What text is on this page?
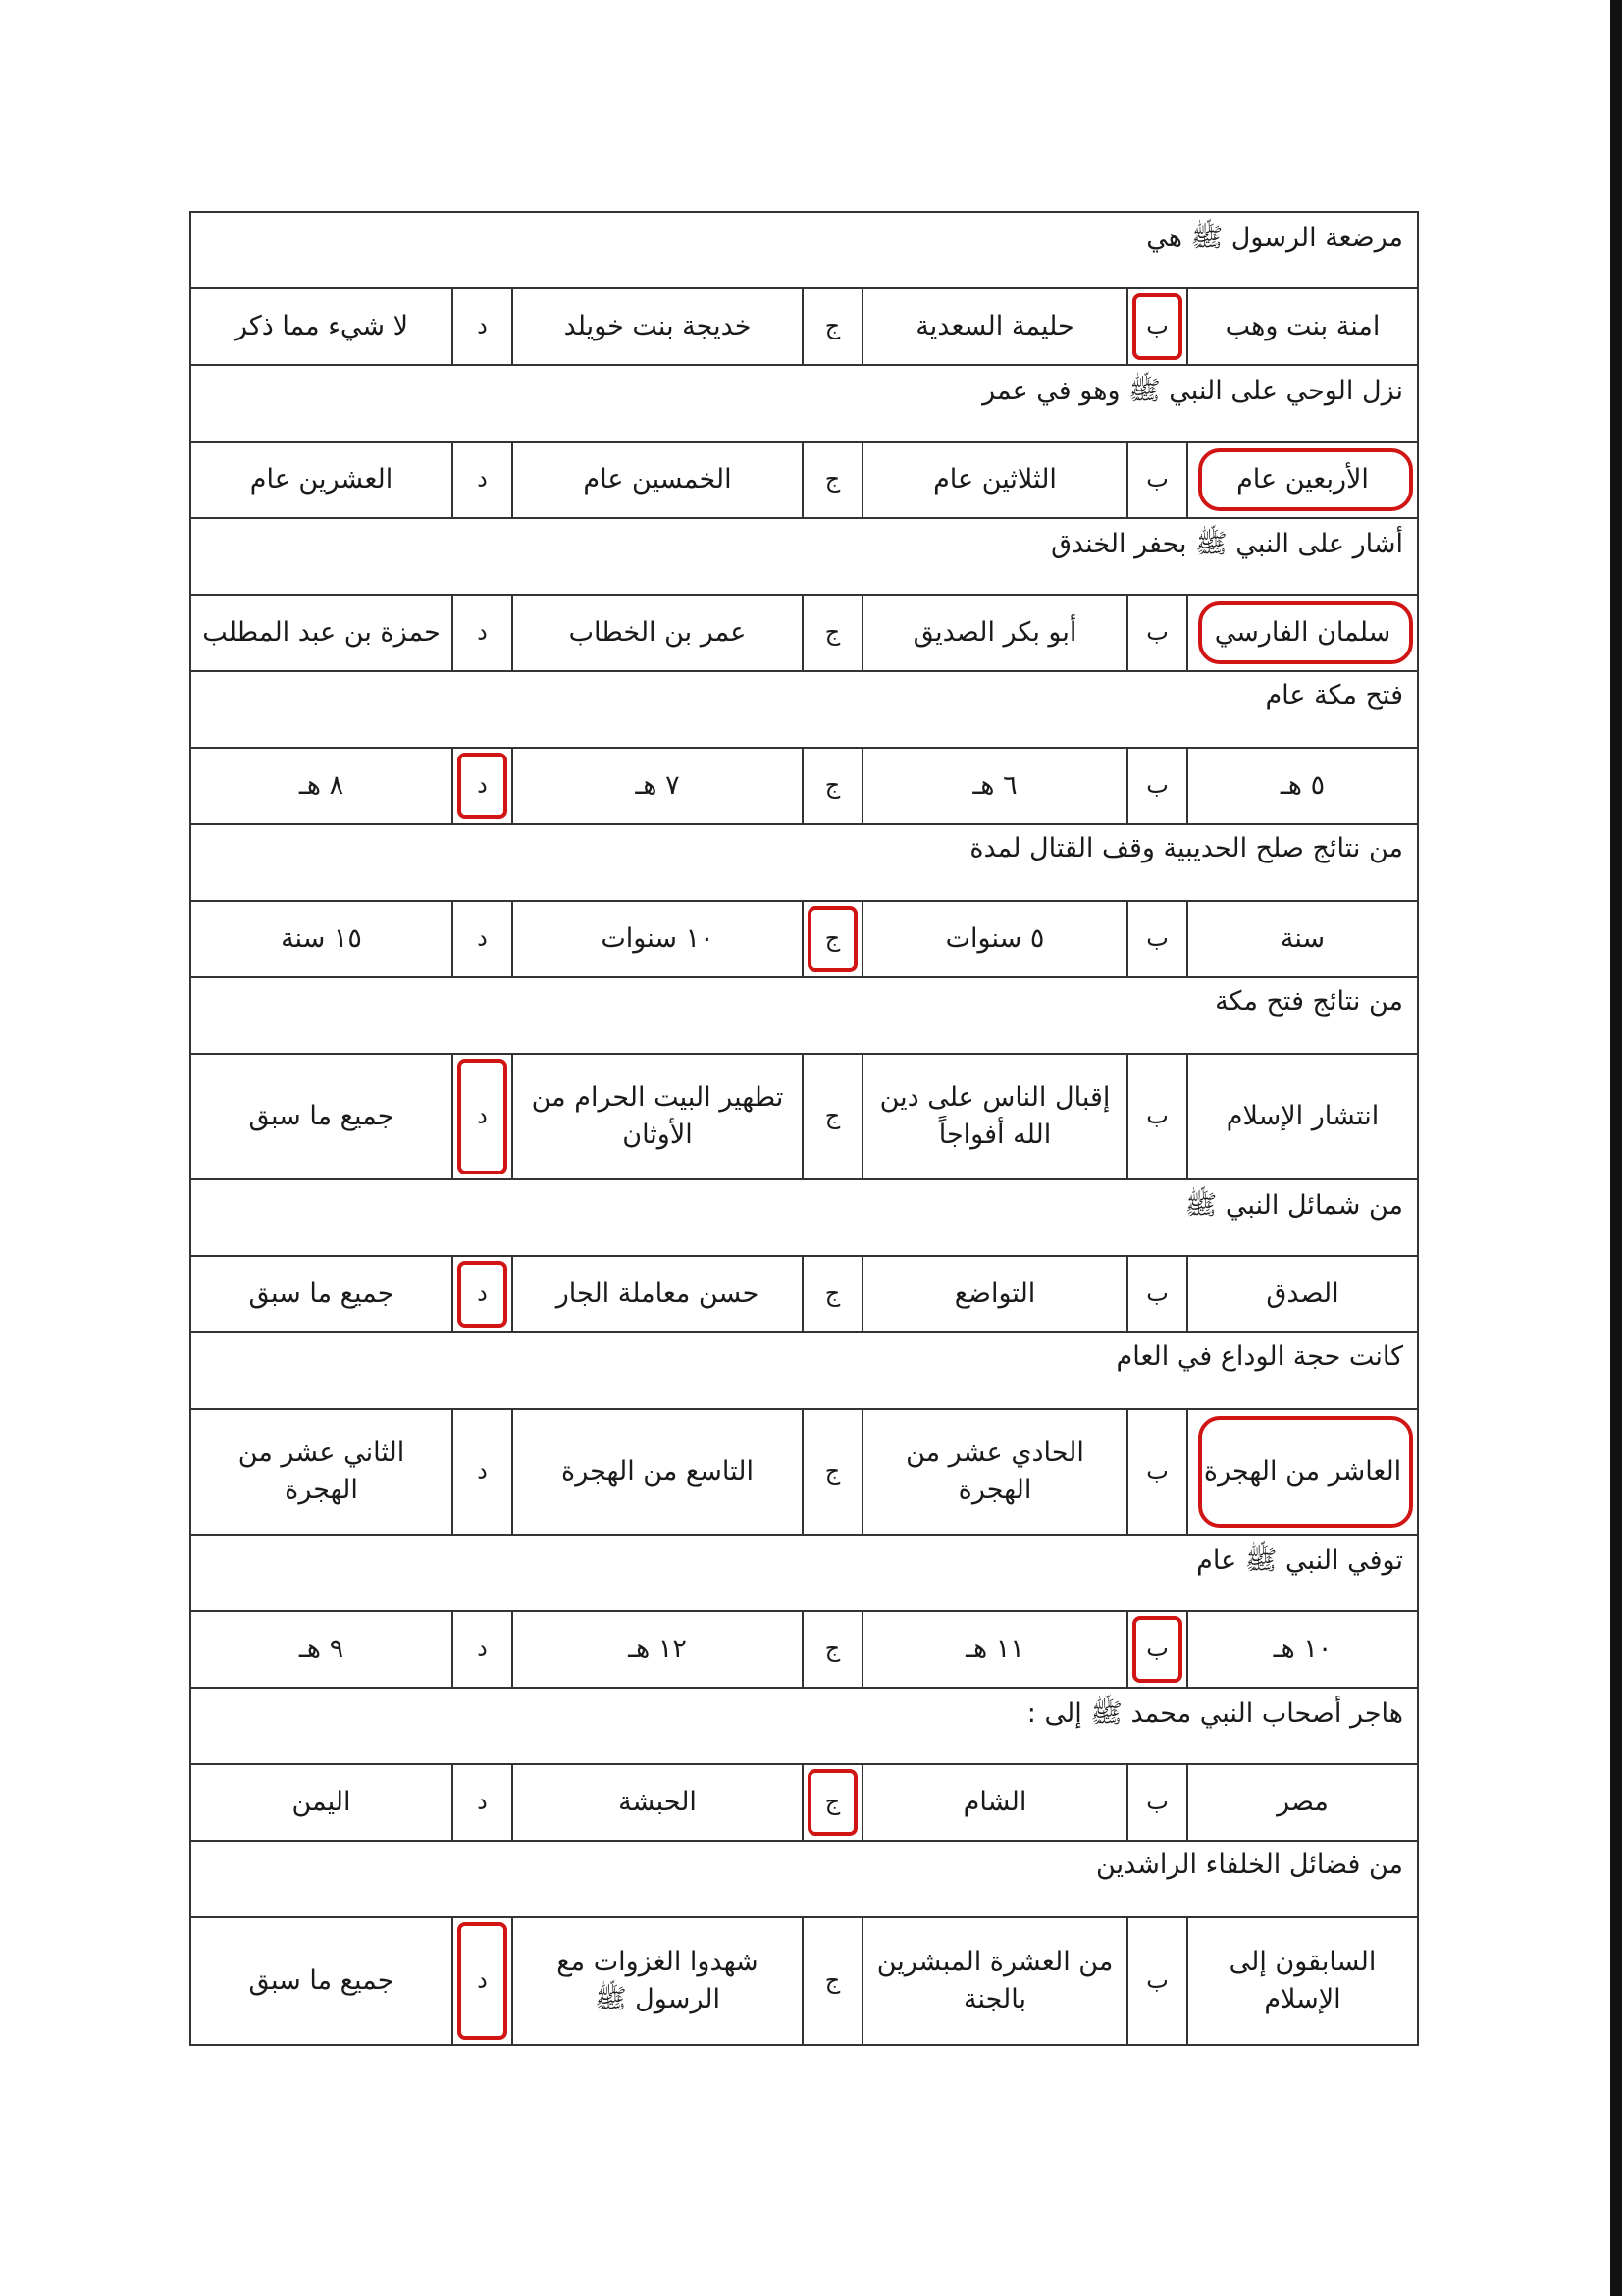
مرضعة الرسول ﷺ هي
امنة بنت وهب
ب
حليمة السعدية
ج
خديجة بنت خويلد
د
لا شيء مما ذكر
نزل الوحي على النبي ﷺ وهو في عمر
الأربعين عام
ب
الثلاثين عام
ج
الخمسين عام
د
العشرين عام
أشار على النبي ﷺ بحفر الخندق
سلمان الفارسي
ب
أبو بكر الصديق
ج
عمر بن الخطاب
د
حمزة بن عبد المطلب
فتح مكة عام
٥ هـ
ب
٦ هـ
ج
٧ هـ
د
٨ هـ
من نتائج صلح الحديبية وقف القتال لمدة
سنة
ب
٥ سنوات
ج
١٠ سنوات
د
١٥ سنة
من نتائج فتح مكة
انتشار الإسلام
ب
إقبال الناس على دين الله أفواجاً
ج
تطهير البيت الحرام من الأوثان
د
جميع ما سبق
من شمائل النبي ﷺ
الصدق
ب
التواضع
ج
حسن معاملة الجار
د
جميع ما سبق
كانت حجة الوداع في العام
العاشر من الهجرة
ب
الحادي عشر من الهجرة
ج
التاسع من الهجرة
د
الثاني عشر من الهجرة
توفي النبي ﷺ عام
١٠ هـ
ب
١١ هـ
ج
١٢ هـ
د
٩ هـ
هاجر أصحاب النبي محمد ﷺ إلى :
مصر
ب
الشام
ج
الحبشة
د
اليمن
من فضائل الخلفاء الراشدين
السابقون إلى الإسلام
ب
من العشرة المبشرين بالجنة
ج
شهدوا الغزوات مع الرسول ﷺ
د
جميع ما سبق
